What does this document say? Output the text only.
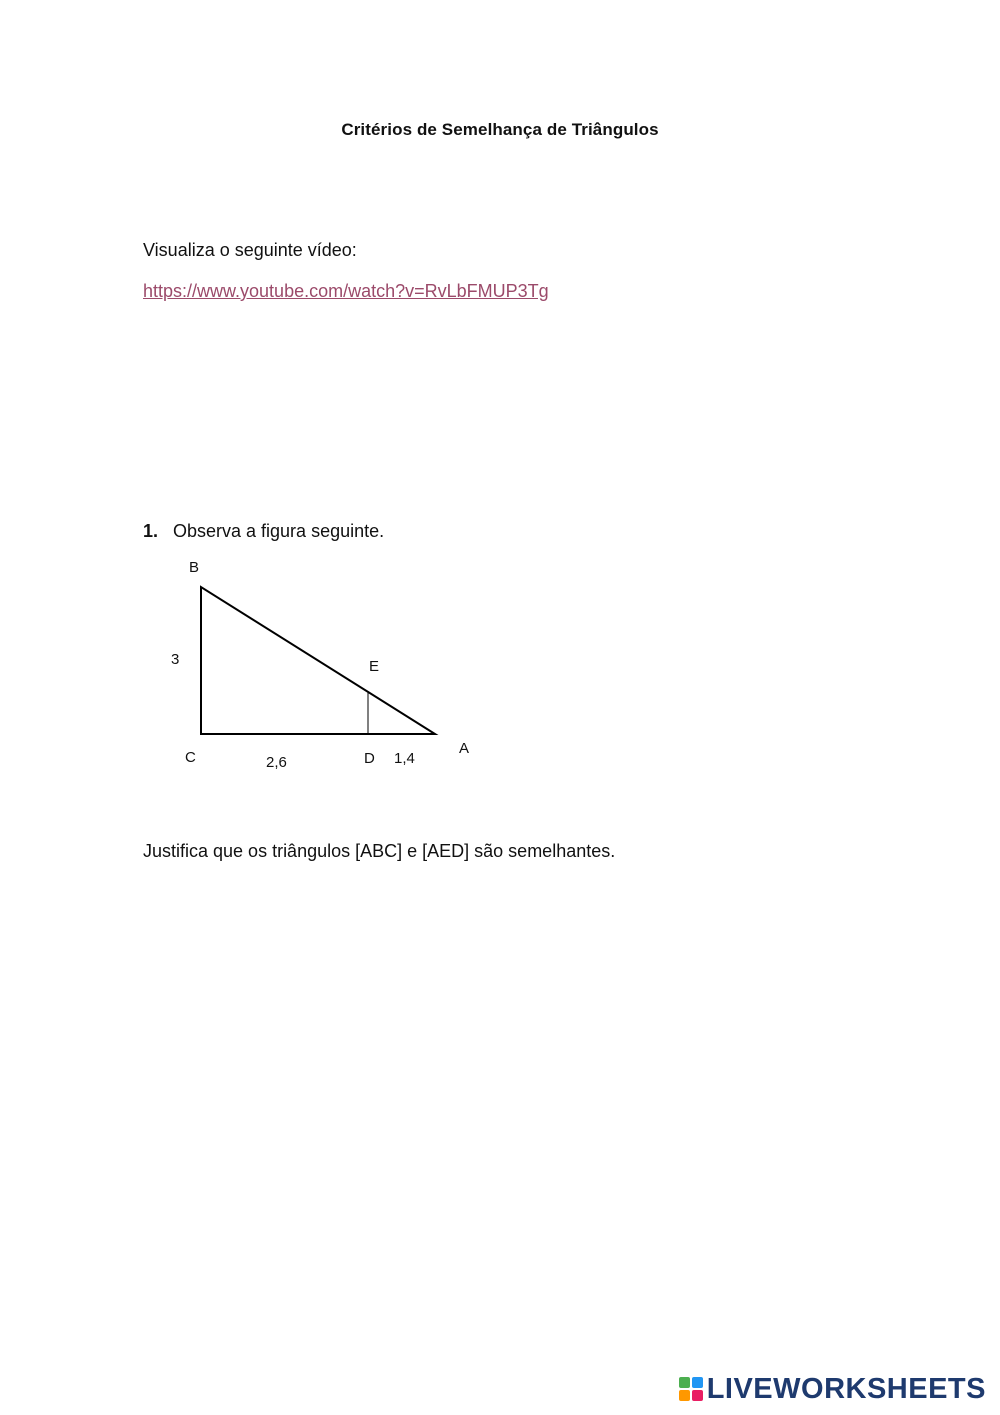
Critérios de Semelhança de Triângulos
Visualiza o seguinte vídeo:
https://www.youtube.com/watch?v=RvLbFMUP3Tg
1. Observa a figura seguinte.
B
C
A
D
E
3
2,6	1,4
Justifica que os triângulos [ABC] e [AED] são semelhantes.
LIVEWORKSHEETS
